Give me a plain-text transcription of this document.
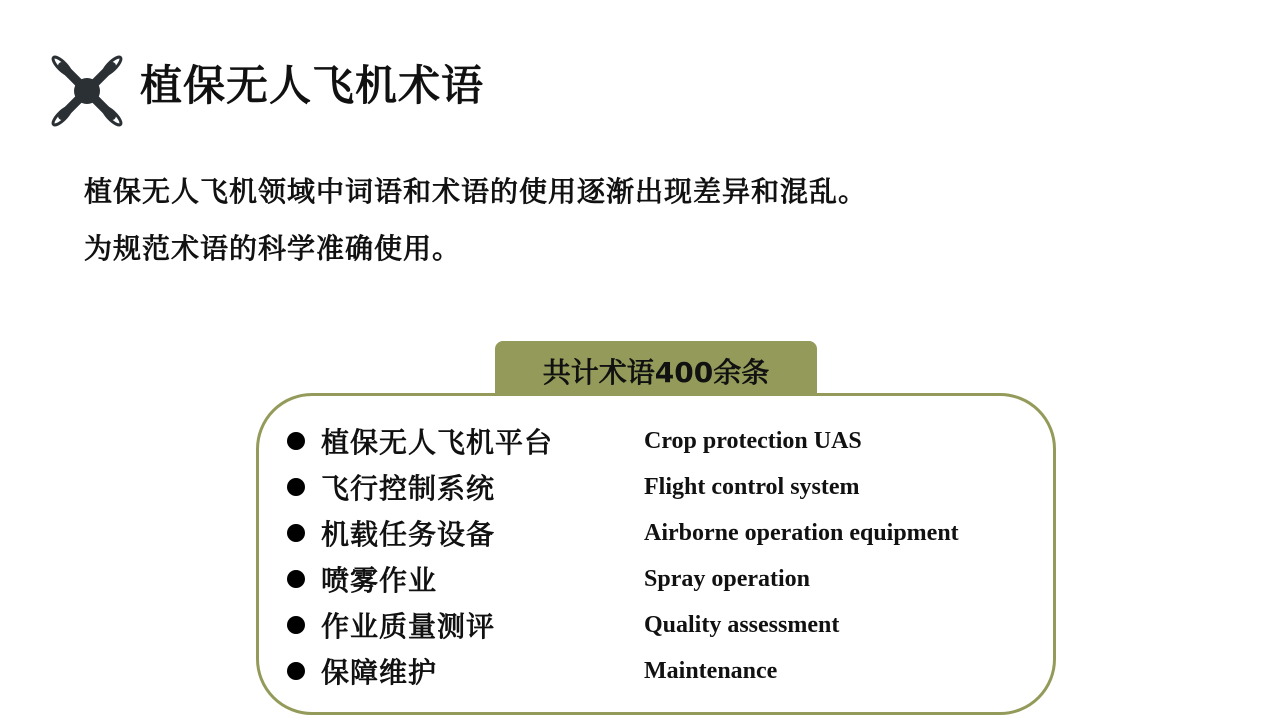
植保无人飞机术语
植保无人飞机领域中词语和术语的使用逐渐出现差异和混乱。
为规范术语的科学准确使用。
共计术语400余条
植保无人飞机平台	Crop protection UAS
飞行控制系统	Flight control system
机载任务设备	Airborne operation equipment
喷雾作业	Spray operation
作业质量测评	Quality assessment
保障维护	Maintenance
